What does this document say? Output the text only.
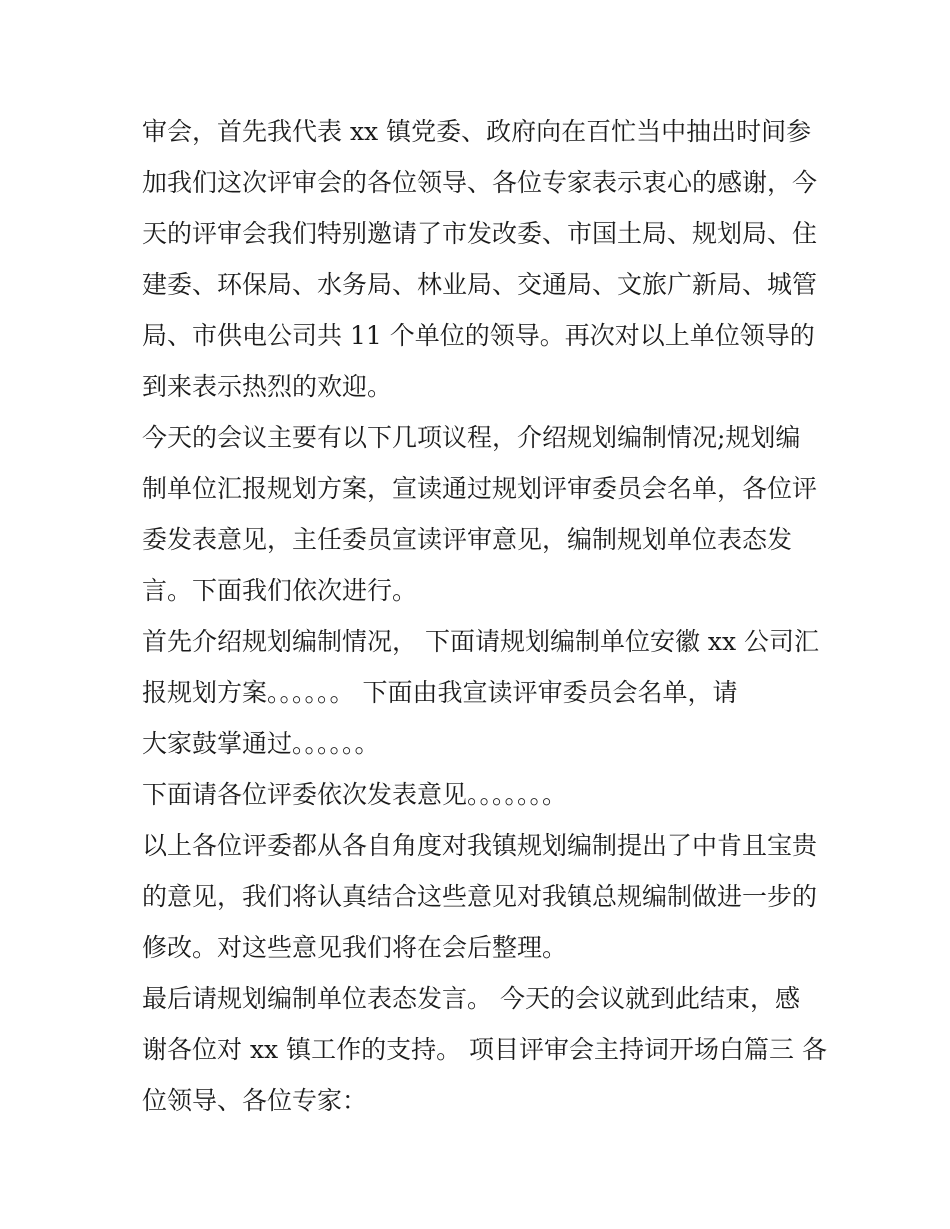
审会，首先我代表 xx 镇党委、政府向在百忙当中抽出时间参

加我们这次评审会的各位领导、各位专家表示衷心的感谢，今

天的评审会我们特别邀请了市发改委、市国土局、规划局、住

建委、环保局、水务局、林业局、交通局、文旅广新局、城管

局、市供电公司共 11 个单位的领导。再次对以上单位领导的

到来表示热烈的欢迎。

今天的会议主要有以下几项议程，介绍规划编制情况;规划编

制单位汇报规划方案，宣读通过规划评审委员会名单，各位评

委发表意见，主任委员宣读评审意见，编制规划单位表态发

言。下面我们依次进行。

首先介绍规划编制情况， 下面请规划编制单位安徽 xx 公司汇

报规划方案。。。。。。 下面由我宣读评审委员会名单，请

大家鼓掌通过。。。。。。

下面请各位评委依次发表意见。。。。。。。

以上各位评委都从各自角度对我镇规划编制提出了中肯且宝贵

的意见，我们将认真结合这些意见对我镇总规编制做进一步的

修改。对这些意见我们将在会后整理。

最后请规划编制单位表态发言。 今天的会议就到此结束，感

谢各位对 xx 镇工作的支持。 项目评审会主持词开场白篇三 各

位领导、各位专家：
